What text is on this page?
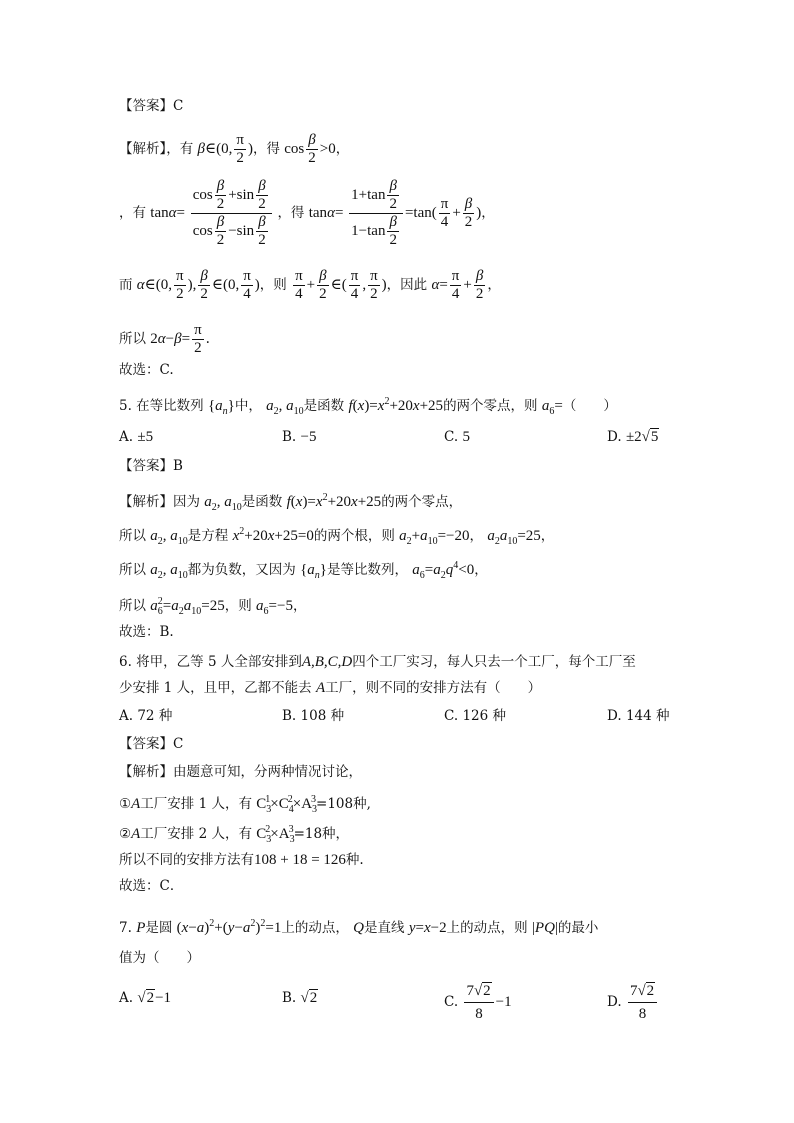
【答案】C
【解析】，有 β∈(0, $\frac{\pi}{2}$ )，得 $\cos \frac{\beta}{2} >0$，
，有 $\tan\alpha= \frac{\cos \frac{\beta}{2} +\sin \frac{\beta}{2}}{\cos \frac{\beta}{2} -\sin \frac{\beta}{2}}$ ，得 $\tan\alpha= \frac{1+\tan \frac{\beta}{2}}{1-\tan \frac{\beta}{2}} =\tan( \frac{\pi}{4} + \frac{\beta}{2}$ )，
而 α∈(0, $\frac{\pi}{2}$ ), $\frac{\beta}{2}$ ∈(0, $\frac{\pi}{4}$ )，则 $\frac{\pi}{4} + \frac{\beta}{2}$ ∈( $\frac{\pi}{4}$ , $\frac{\pi}{2}$ )，因此 $\alpha= \frac{\pi}{4} + \frac{\beta}{2}$ ，
所以 $2\alpha-\beta= \frac{\pi}{2}$ .
故选：C.
5. 在等比数列 $\{a_n\}$中， $a_2$, $a_{10}$是函数 $f(x)=x^2+20x+25$的两个零点，则 $a_6=$（　　）
A. ±5	B. −5	C. 5	D. ±2√5
【答案】B
【解析】因为 $a_2$, $a_{10}$是函数 $f(x)=x^2+20x+25$的两个零点，
所以 $a_2$, $a_{10}$是方程 $x^2+20x+25=0$的两个根，则 $a_2+a_{10}=-20$， $a_2a_{10}=25$，
所以 $a_2$, $a_{10}$都为负数，又因为 $\{a_n\}$是等比数列， $a_6=a_2q^4<0$，
所以 $a_6^2=a_2a_{10}=25$，则 $a_6=-5$，
故选：B.
6. 将甲，乙等 5 人全部安排到A,B,C,D四个工厂实习，每人只去一个工厂，每个工厂至
少安排 1 人，且甲，乙都不能去 A工厂，则不同的安排方法有（　　）
A. 72 种	B. 108 种	C. 126 种	D. 144 种
【答案】C
【解析】由题意可知，分两种情况讨论，
①A工厂安排 1 人，有 $C_3^1\times C_4^2\times A_3^3=108$种,
②A工厂安排 2 人，有 $C_3^2\times A_3^3=18$种，
所以不同的安排方法有108 + 18 = 126种.
故选：C．
7. P是圆 $(x-a)^2+(y-a^2)^2=1$上的动点， Q是直线 y=x−2上的动点，则 |PQ|的最小
值为（　　）
A. √2−1	B. √2	C. $\frac{7√2}{8} -1$	D. $\frac{7√2}{8}$
